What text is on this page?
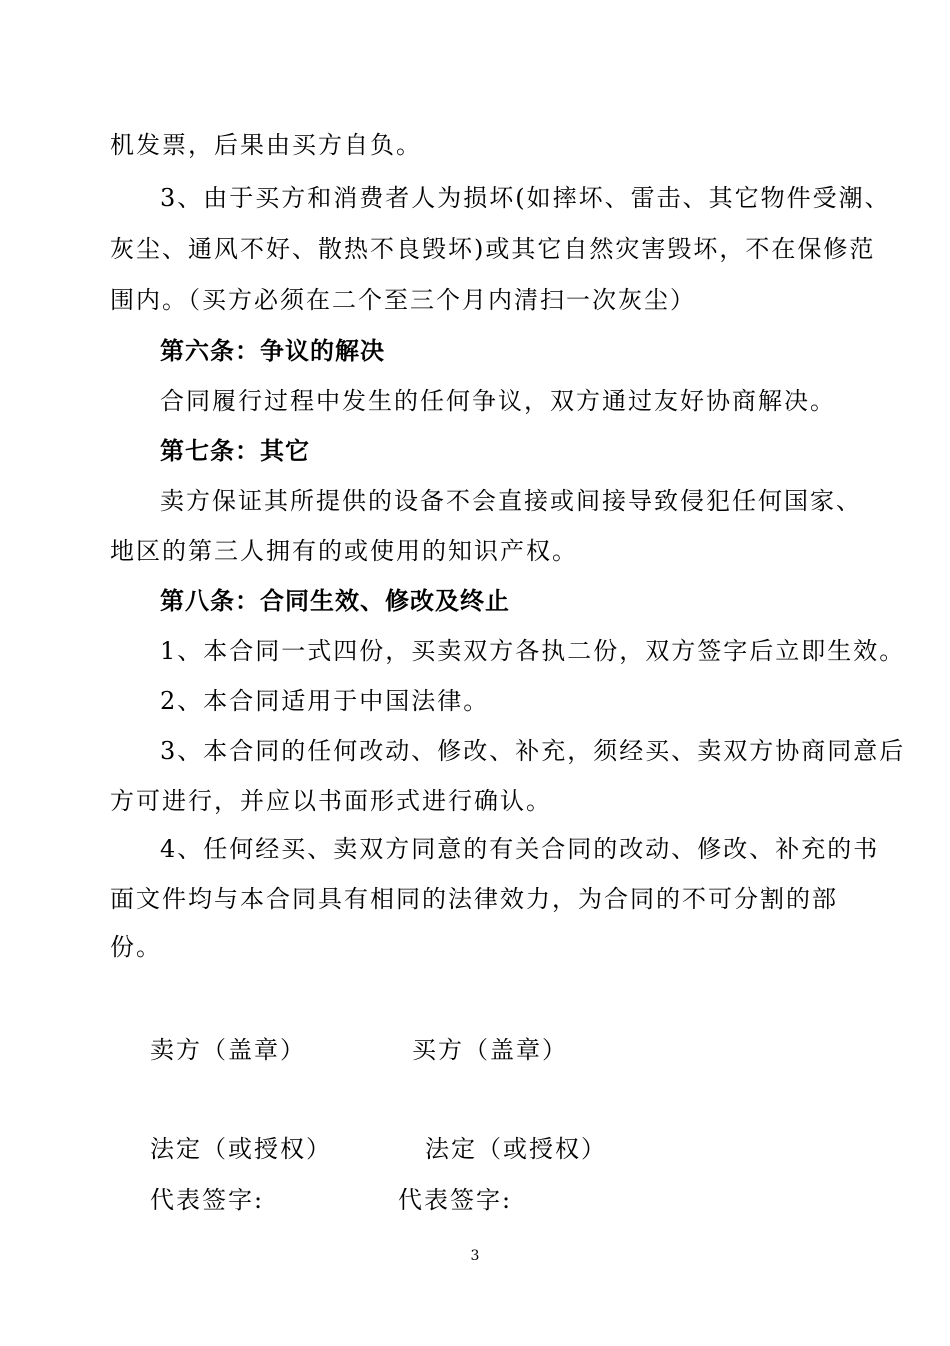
机发票，后果由买方自负。
3、由于买方和消费者人为损坏(如摔坏、雷击、其它物件受潮、
灰尘、通风不好、散热不良毁坏)或其它自然灾害毁坏，不在保修范
围内。（买方必须在二个至三个月内清扫一次灰尘）
第六条：争议的解决
合同履行过程中发生的任何争议，双方通过友好协商解决。
第七条：其它
卖方保证其所提供的设备不会直接或间接导致侵犯任何国家、
地区的第三人拥有的或使用的知识产权。
第八条：合同生效、修改及终止
1、本合同一式四份，买卖双方各执二份，双方签字后立即生效。
2、本合同适用于中国法律。
3、本合同的任何改动、修改、补充，须经买、卖双方协商同意后
方可进行，并应以书面形式进行确认。
4、任何经买、卖双方同意的有关合同的改动、修改、补充的书
面文件均与本合同具有相同的法律效力，为合同的不可分割的部
份。
卖方（盖章）	买方（盖章）
法定（或授权）	法定（或授权）
代表签字:	代表签字:
3
